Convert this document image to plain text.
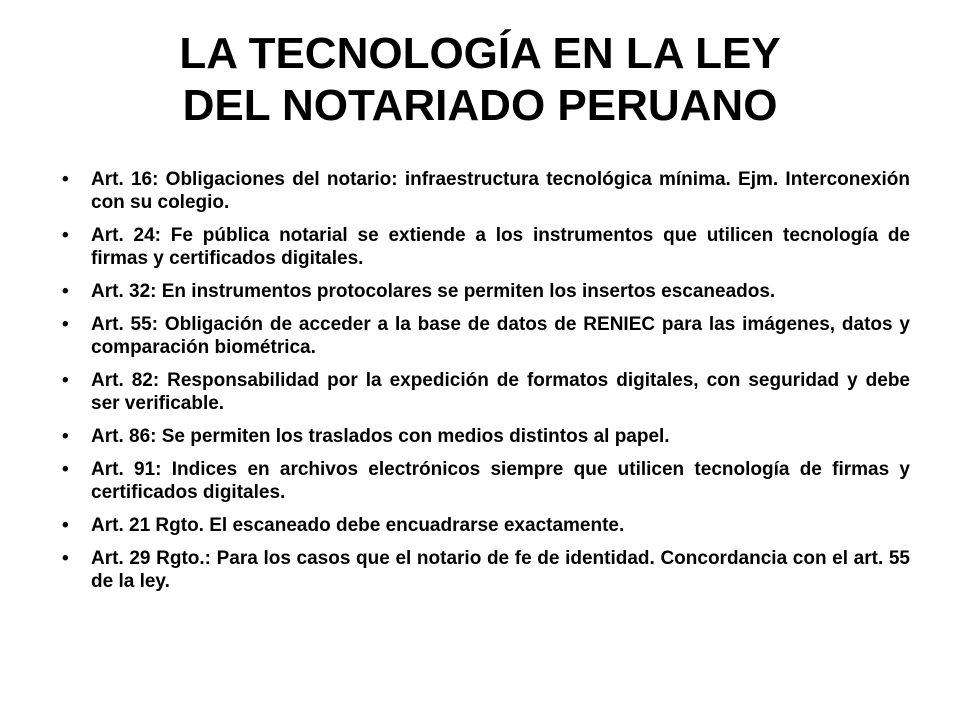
LA TECNOLOGÍA EN LA LEY
DEL NOTARIADO PERUANO
• Art. 16: Obligaciones del notario: infraestructura tecnológica mínima. Ejm. Interconexión con su colegio.
• Art. 24: Fe pública notarial se extiende a los instrumentos que utilicen tecnología de firmas y certificados digitales.
• Art. 32: En instrumentos protocolares se permiten los insertos escaneados.
• Art. 55: Obligación de acceder a la base de datos de RENIEC para las imágenes, datos y comparación biométrica.
• Art. 82: Responsabilidad por la expedición de formatos digitales, con seguridad y debe ser verificable.
• Art. 86: Se permiten los traslados con medios distintos al papel.
• Art. 91: Indices en archivos electrónicos siempre que utilicen tecnología de firmas y certificados digitales.
• Art. 21 Rgto. El escaneado debe encuadrarse exactamente.
• Art. 29 Rgto.: Para los casos que el notario de fe de identidad. Concordancia con el art. 55 de la ley.
